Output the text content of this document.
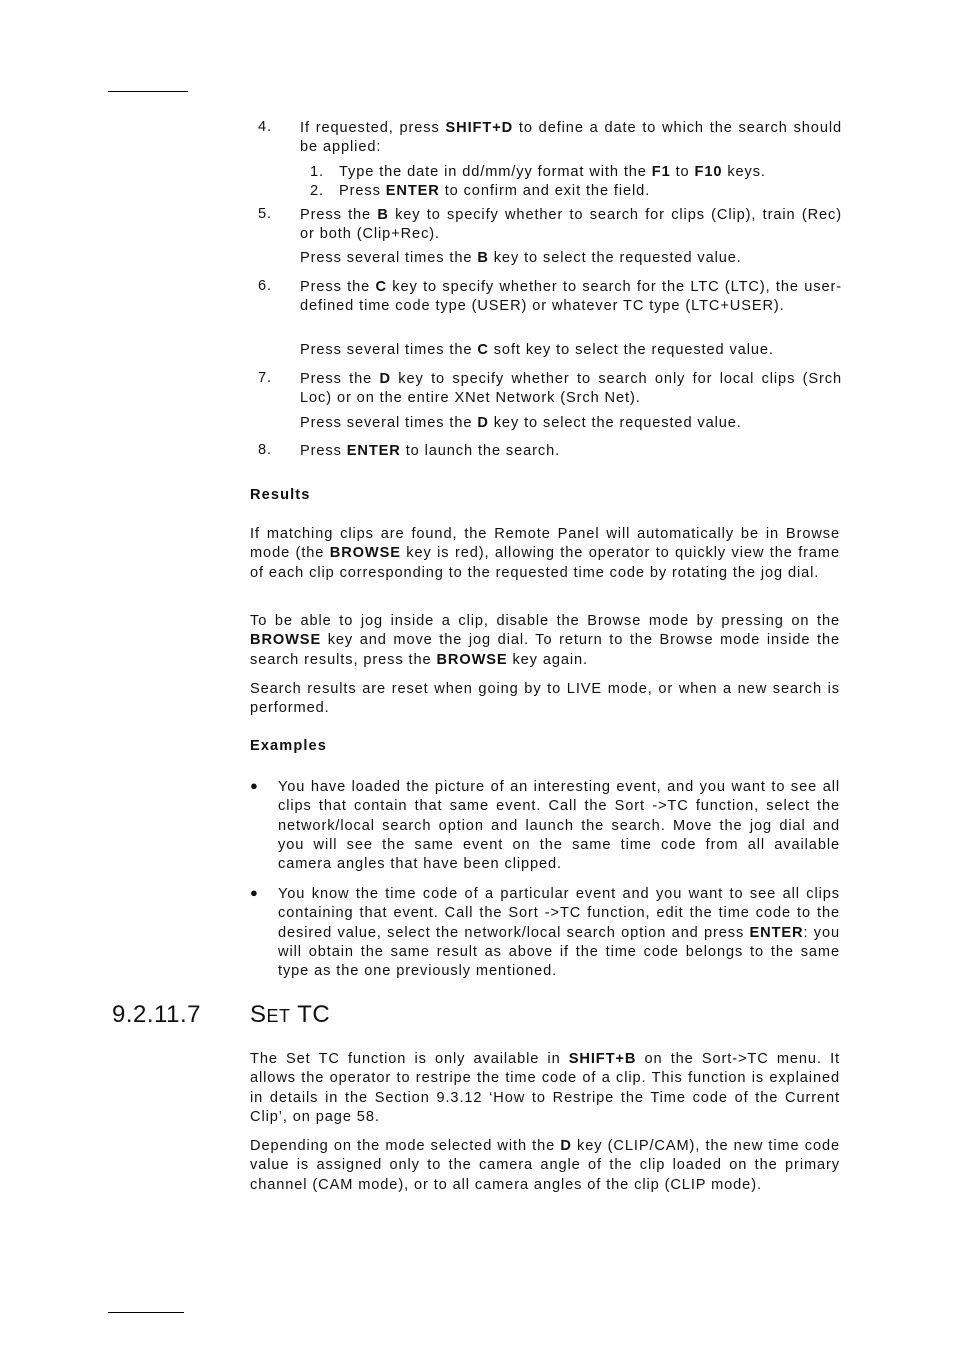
4. If requested, press SHIFT+D to define a date to which the search should be applied:
1. Type the date in dd/mm/yy format with the F1 to F10 keys.
2. Press ENTER to confirm and exit the field.
5. Press the B key to specify whether to search for clips (Clip), train (Rec) or both (Clip+Rec).
Press several times the B key to select the requested value.
6. Press the C key to specify whether to search for the LTC (LTC), the user-defined time code type (USER) or whatever TC type (LTC+USER).
Press several times the C soft key to select the requested value.
7. Press the D key to specify whether to search only for local clips (Srch Loc) or on the entire XNet Network (Srch Net).
Press several times the D key to select the requested value.
8. Press ENTER to launch the search.
Results
If matching clips are found, the Remote Panel will automatically be in Browse mode (the BROWSE key is red), allowing the operator to quickly view the frame of each clip corresponding to the requested time code by rotating the jog dial.
To be able to jog inside a clip, disable the Browse mode by pressing on the BROWSE key and move the jog dial. To return to the Browse mode inside the search results, press the BROWSE key again.
Search results are reset when going by to LIVE mode, or when a new search is performed.
Examples
● You have loaded the picture of an interesting event, and you want to see all clips that contain that same event. Call the Sort ->TC function, select the network/local search option and launch the search. Move the jog dial and you will see the same event on the same time code from all available camera angles that have been clipped.
● You know the time code of a particular event and you want to see all clips containing that event. Call the Sort ->TC function, edit the time code to the desired value, select the network/local search option and press ENTER: you will obtain the same result as above if the time code belongs to the same type as the one previously mentioned.
9.2.11.7 SET TC
The Set TC function is only available in SHIFT+B on the Sort->TC menu. It allows the operator to restripe the time code of a clip. This function is explained in details in the Section 9.3.12 ‘How to Restripe the Time code of the Current Clip’, on page 58.
Depending on the mode selected with the D key (CLIP/CAM), the new time code value is assigned only to the camera angle of the clip loaded on the primary channel (CAM mode), or to all camera angles of the clip (CLIP mode).
